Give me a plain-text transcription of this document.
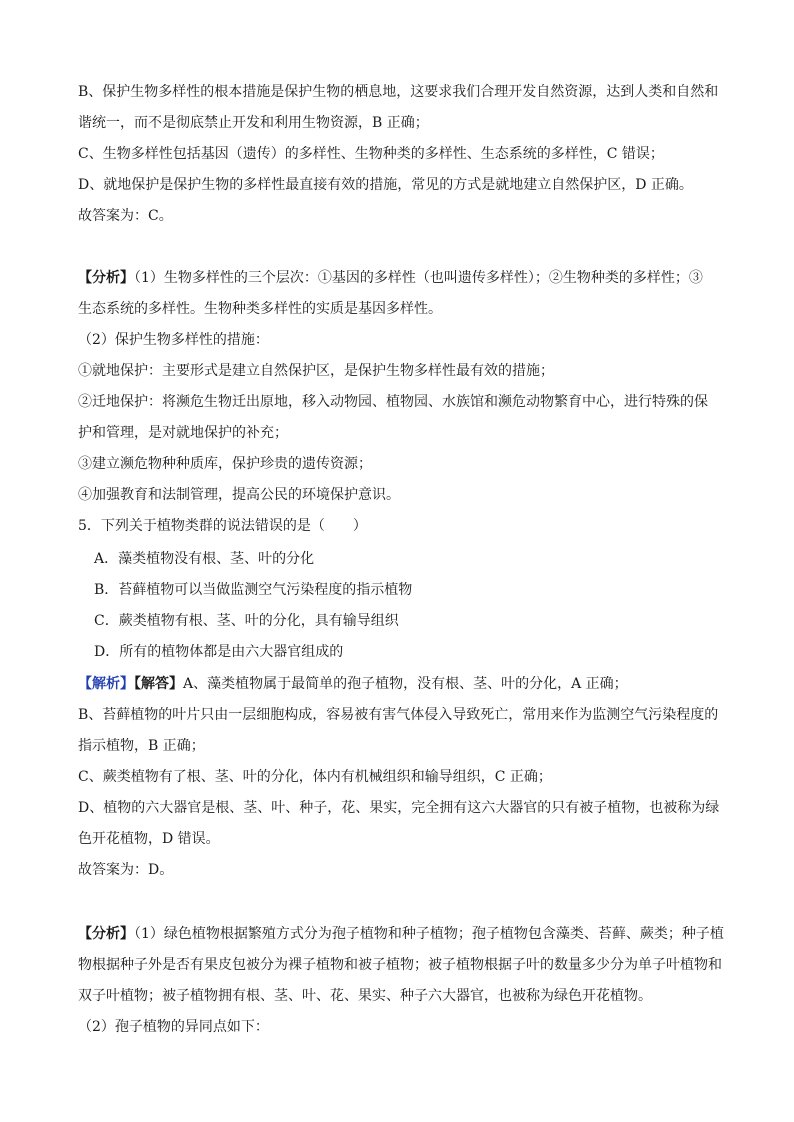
B、保护生物多样性的根本措施是保护生物的栖息地，这要求我们合理开发自然资源，达到人类和自然和
谐统一，而不是彻底禁止开发和利用生物资源，B 正确；
C、生物多样性包括基因（遗传）的多样性、生物种类的多样性、生态系统的多样性，C 错误；
D、就地保护是保护生物的多样性最直接有效的措施，常见的方式是就地建立自然保护区，D 正确。
故答案为：C。
【分析】（1）生物多样性的三个层次：①基因的多样性（也叫遗传多样性）；②生物种类的多样性；③
生态系统的多样性。生物种类多样性的实质是基因多样性。
（2）保护生物多样性的措施：
①就地保护：主要形式是建立自然保护区，是保护生物多样性最有效的措施；
②迁地保护：将濒危生物迁出原地，移入动物园、植物园、水族馆和濒危动物繁育中心，进行特殊的保
护和管理，是对就地保护的补充；
③建立濒危物种种质库，保护珍贵的遗传资源；
④加强教育和法制管理，提高公民的环境保护意识。
5．下列关于植物类群的说法错误的是（　　）
A．藻类植物没有根、茎、叶的分化
B．苔藓植物可以当做监测空气污染程度的指示植物
C．蕨类植物有根、茎、叶的分化，具有输导组织
D．所有的植物体都是由六大器官组成的
【解析】【解答】A、藻类植物属于最简单的孢子植物，没有根、茎、叶的分化，A 正确；
B、苔藓植物的叶片只由一层细胞构成，容易被有害气体侵入导致死亡，常用来作为监测空气污染程度的
指示植物，B 正确；
C、蕨类植物有了根、茎、叶的分化，体内有机械组织和输导组织，C 正确；
D、植物的六大器官是根、茎、叶、种子，花、果实，完全拥有这六大器官的只有被子植物，也被称为绿
色开花植物，D 错误。
故答案为：D。
【分析】（1）绿色植物根据繁殖方式分为孢子植物和种子植物；孢子植物包含藻类、苔藓、蕨类；种子植
物根据种子外是否有果皮包被分为裸子植物和被子植物；被子植物根据子叶的数量多少分为单子叶植物和
双子叶植物；被子植物拥有根、茎、叶、花、果实、种子六大器官，也被称为绿色开花植物。
（2）孢子植物的异同点如下：
